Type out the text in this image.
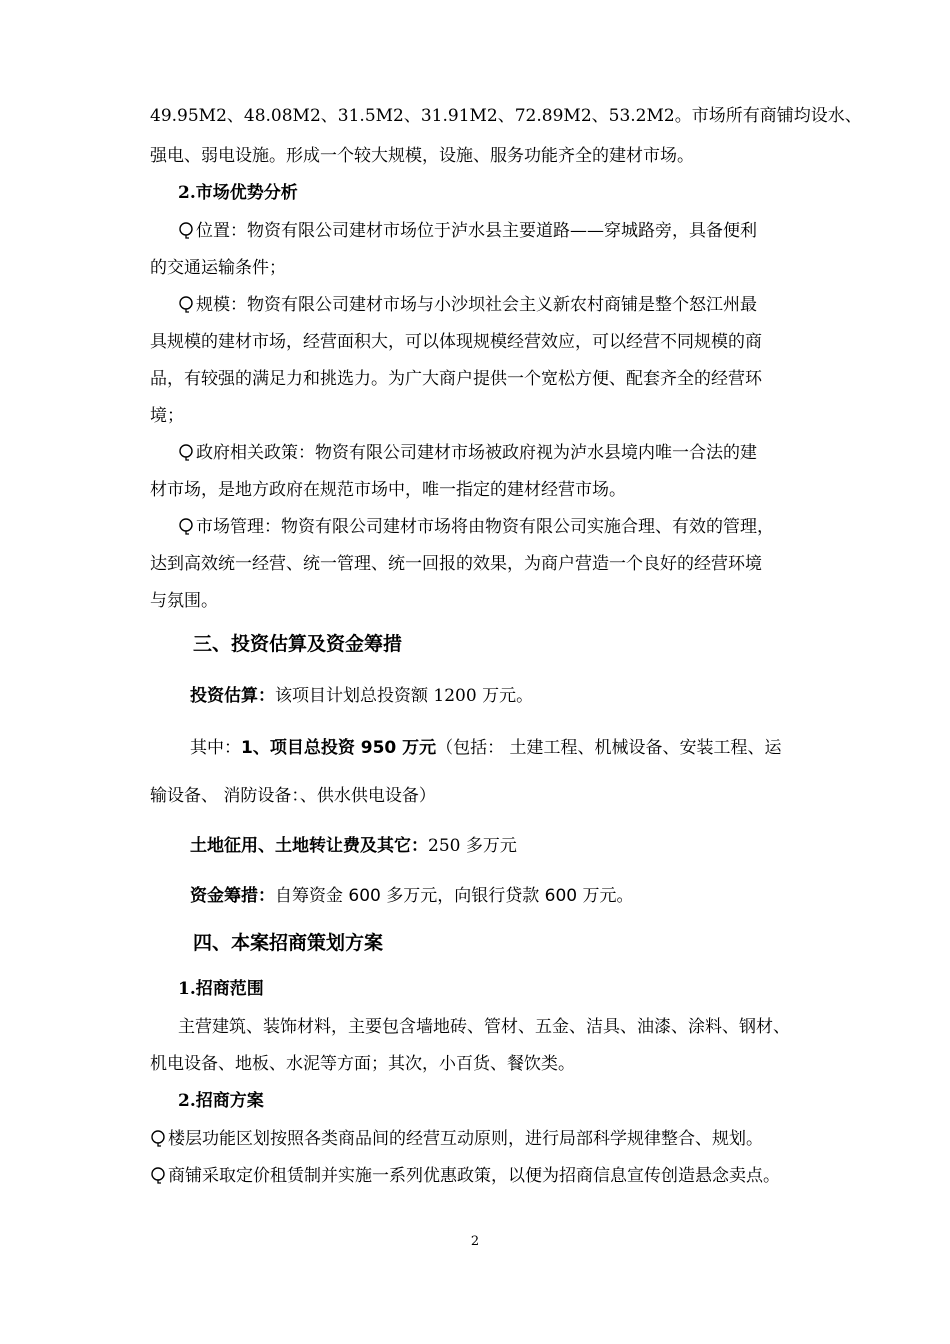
49.95M2、48.08M2、31.5M2、31.91M2、72.89M2、53.2M2。市场所有商铺均设水、
强电、弱电设施。形成一个较大规模，设施、服务功能齐全的建材市场。
2.市场优势分析
位置：物资有限公司建材市场位于泸水县主要道路——穿城路旁，具备便利
的交通运输条件；
规模：物资有限公司建材市场与小沙坝社会主义新农村商铺是整个怒江州最
具规模的建材市场，经营面积大，可以体现规模经营效应，可以经营不同规模的商
品，有较强的满足力和挑选力。为广大商户提供一个宽松方便、配套齐全的经营环
境；
政府相关政策：物资有限公司建材市场被政府视为泸水县境内唯一合法的建
材市场，是地方政府在规范市场中，唯一指定的建材经营市场。
市场管理：物资有限公司建材市场将由物资有限公司实施合理、有效的管理，
达到高效统一经营、统一管理、统一回报的效果，为商户营造一个良好的经营环境
与氛围。
三、投资估算及资金筹措
投资估算：该项目计划总投资额 1200 万元。
其中：1、项目总投资 950 万元（包括： 土建工程、机械设备、安装工程、运
输设备、 消防设备：、供水供电设备）
土地征用、土地转让费及其它：250 多万元
资金筹措：自筹资金 600 多万元，向银行贷款 600 万元。
四、本案招商策划方案
1.招商范围
主营建筑、装饰材料，主要包含墙地砖、管材、五金、洁具、油漆、涂料、钢材、
机电设备、地板、水泥等方面；其次，小百货、餐饮类。
2.招商方案
楼层功能区划按照各类商品间的经营互动原则，进行局部科学规律整合、规划。
商铺采取定价租赁制并实施一系列优惠政策，以便为招商信息宣传创造悬念卖点。
2
